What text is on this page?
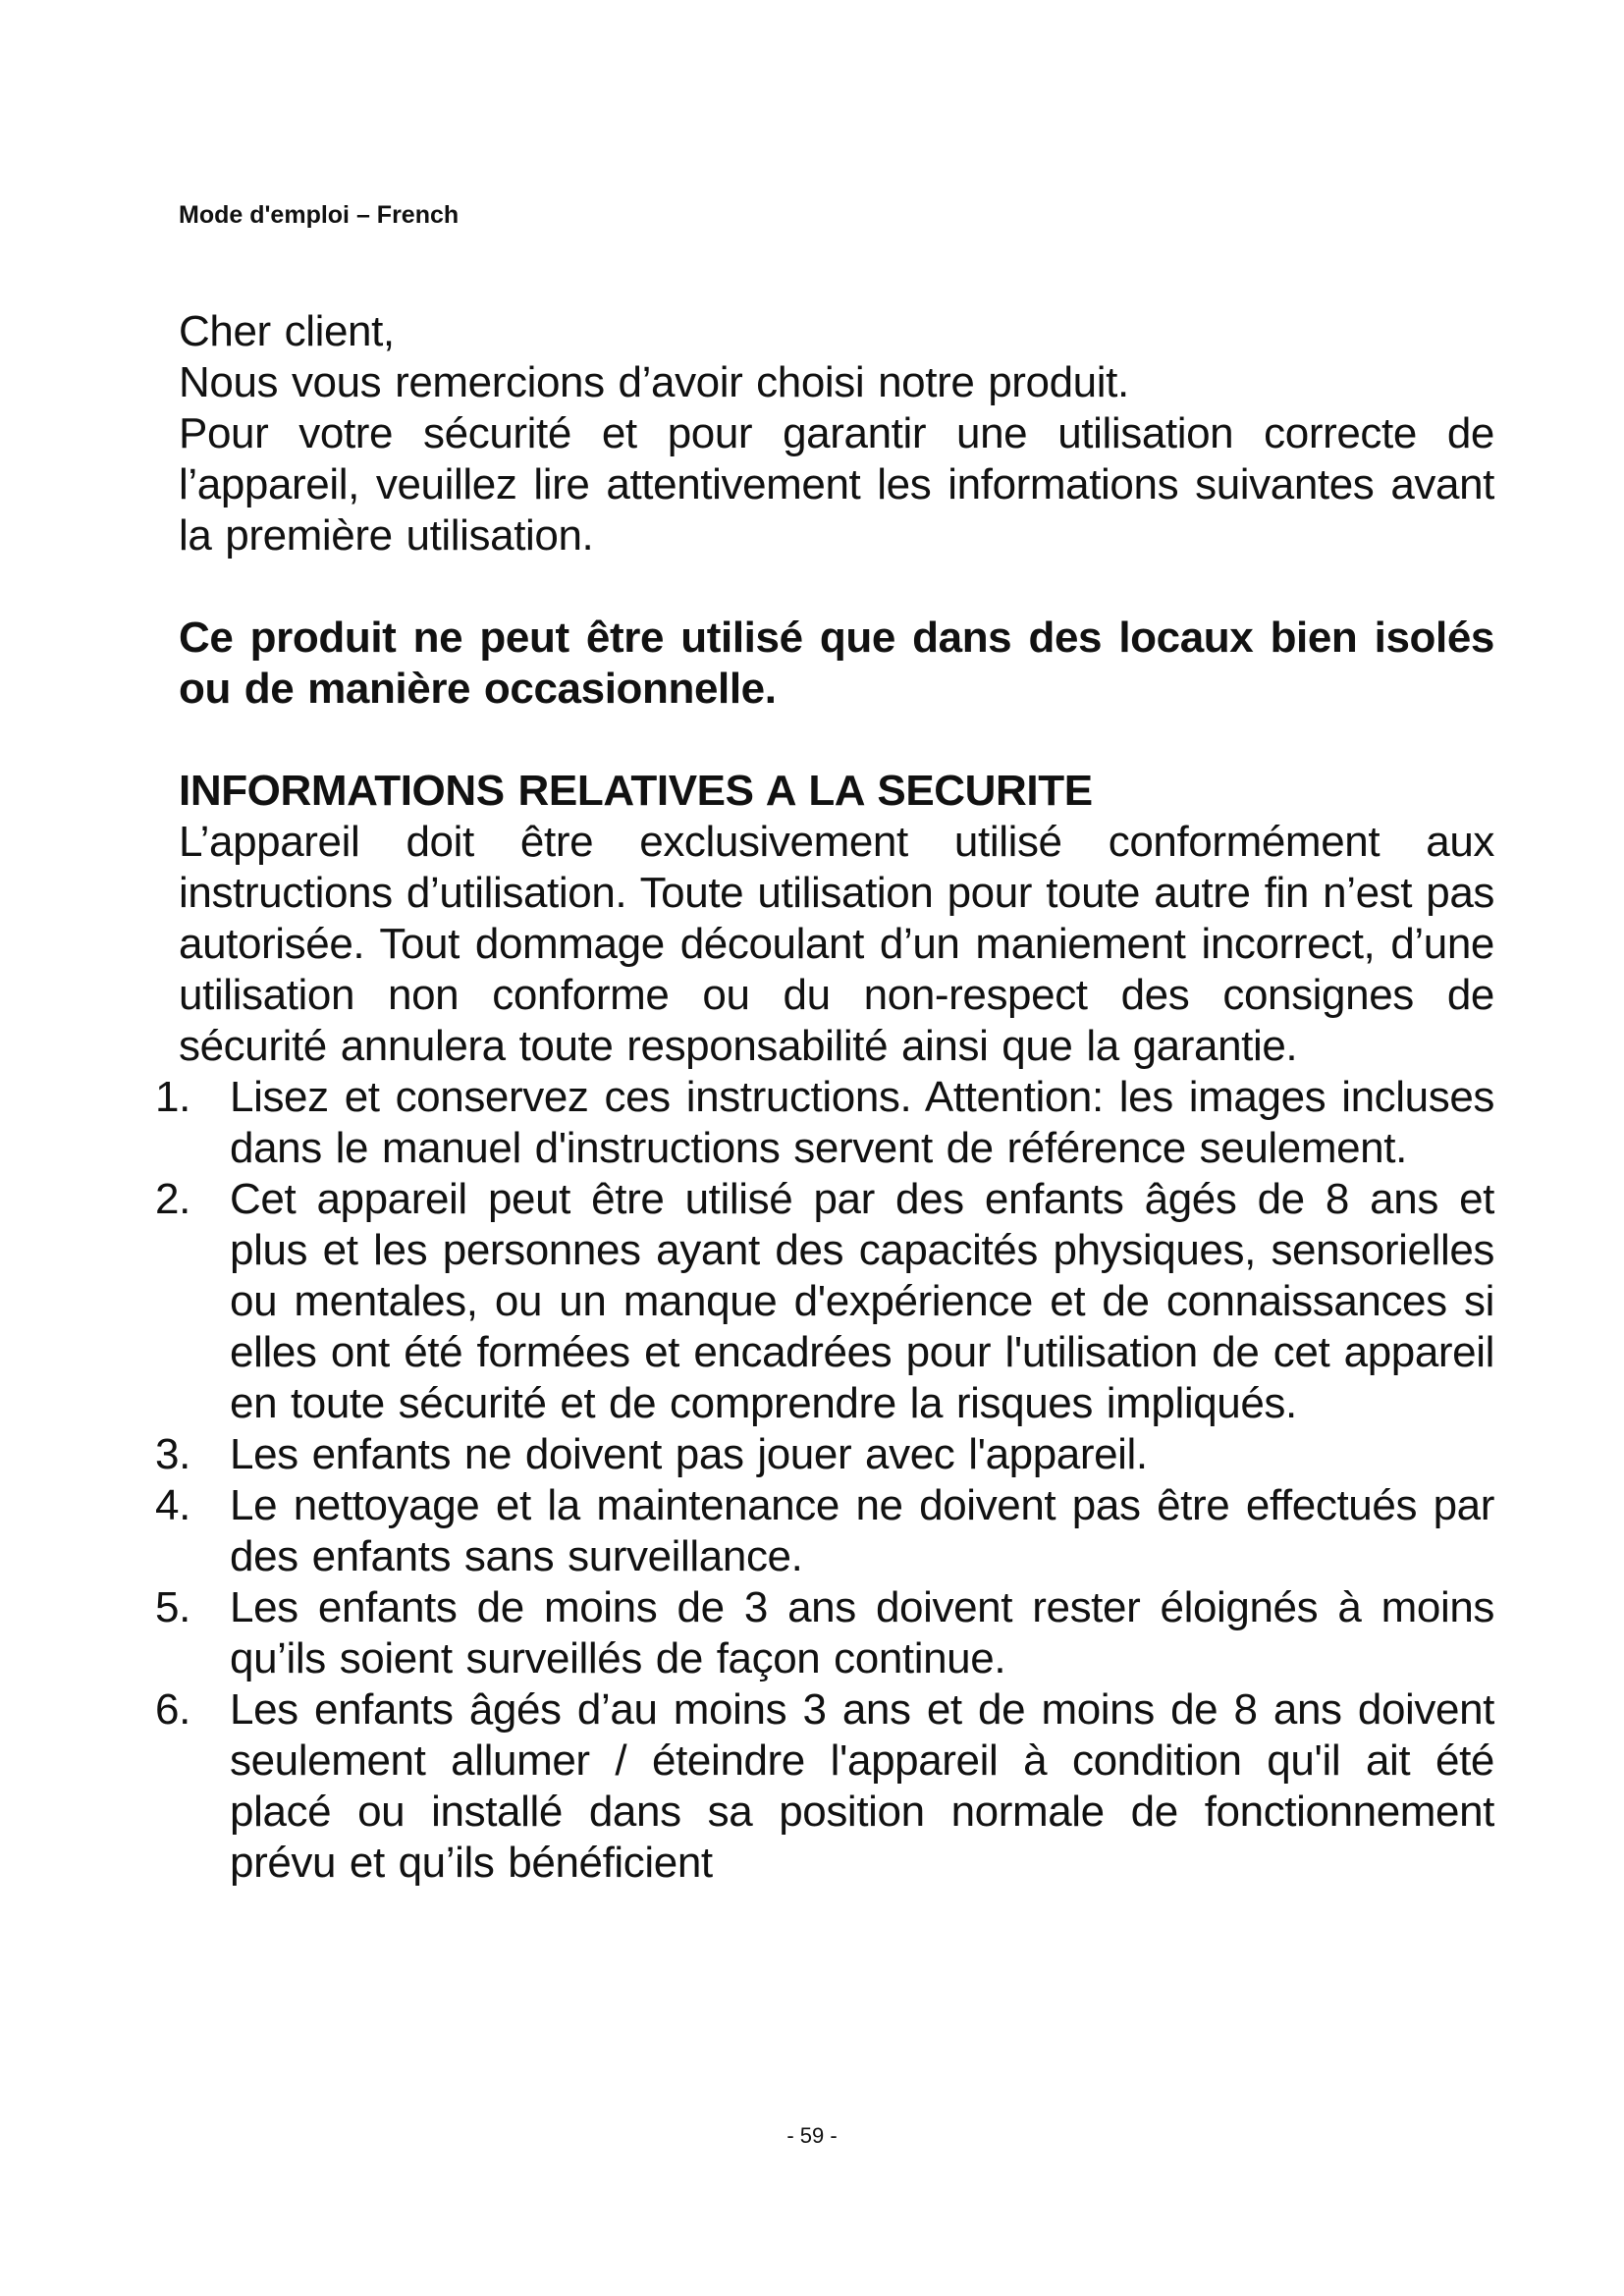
Mode d'emploi – French

Cher client,
Nous vous remercions d’avoir choisi notre produit.

Pour votre sécurité et pour garantir une utilisation correcte de l’appareil, veuillez lire attentivement les informations suivantes avant la première utilisation.

Ce produit ne peut être utilisé que dans des locaux bien isolés ou de manière occasionnelle.

INFORMATIONS RELATIVES A LA SECURITE

L’appareil doit être exclusivement utilisé conformément aux instructions d’utilisation. Toute utilisation pour toute autre fin n’est pas autorisée. Tout dommage découlant d’un maniement incorrect, d’une utilisation non conforme ou du non-respect des consignes de sécurité annulera toute responsabilité ainsi que la garantie.

1. Lisez et conservez ces instructions. Attention: les images incluses dans le manuel d'instructions servent de référence seulement.
2. Cet appareil peut être utilisé par des enfants âgés de 8 ans et plus et les personnes ayant des capacités physiques, sensorielles ou mentales, ou un manque d'expérience et de connaissances si elles ont été formées et encadrées pour l'utilisation de cet appareil en toute sécurité et de comprendre la risques impliqués.
3. Les enfants ne doivent pas jouer avec l'appareil.
4. Le nettoyage et la maintenance ne doivent pas être effectués par des enfants sans surveillance.
5. Les enfants de moins de 3 ans doivent rester éloignés à moins qu’ils soient surveillés de façon continue.
6. Les enfants âgés d’au moins 3 ans et de moins de 8 ans doivent seulement allumer / éteindre l'appareil à condition qu'il ait été placé ou installé dans sa position normale de fonctionnement prévu et qu’ils bénéficient
- 59 -
